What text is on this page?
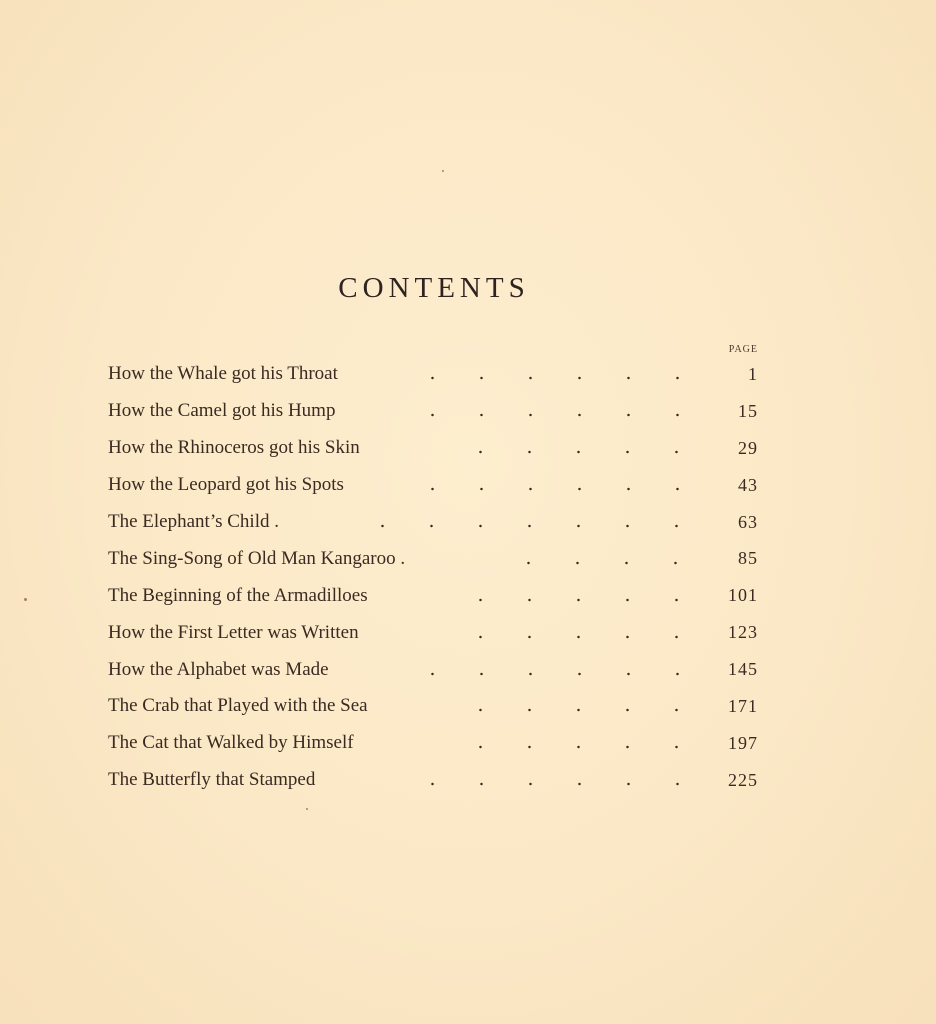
CONTENTS
PAGE
How the Whale got his Throat	1
How the Camel got his Hump	15
How the Rhinoceros got his Skin	29
How the Leopard got his Spots	43
The Elephant’s Child .	63
The Sing-Song of Old Man Kangaroo .	85
The Beginning of the Armadilloes	101
How the First Letter was Written	123
How the Alphabet was Made	145
The Crab that Played with the Sea	171
The Cat that Walked by Himself	197
The Butterfly that Stamped	225
